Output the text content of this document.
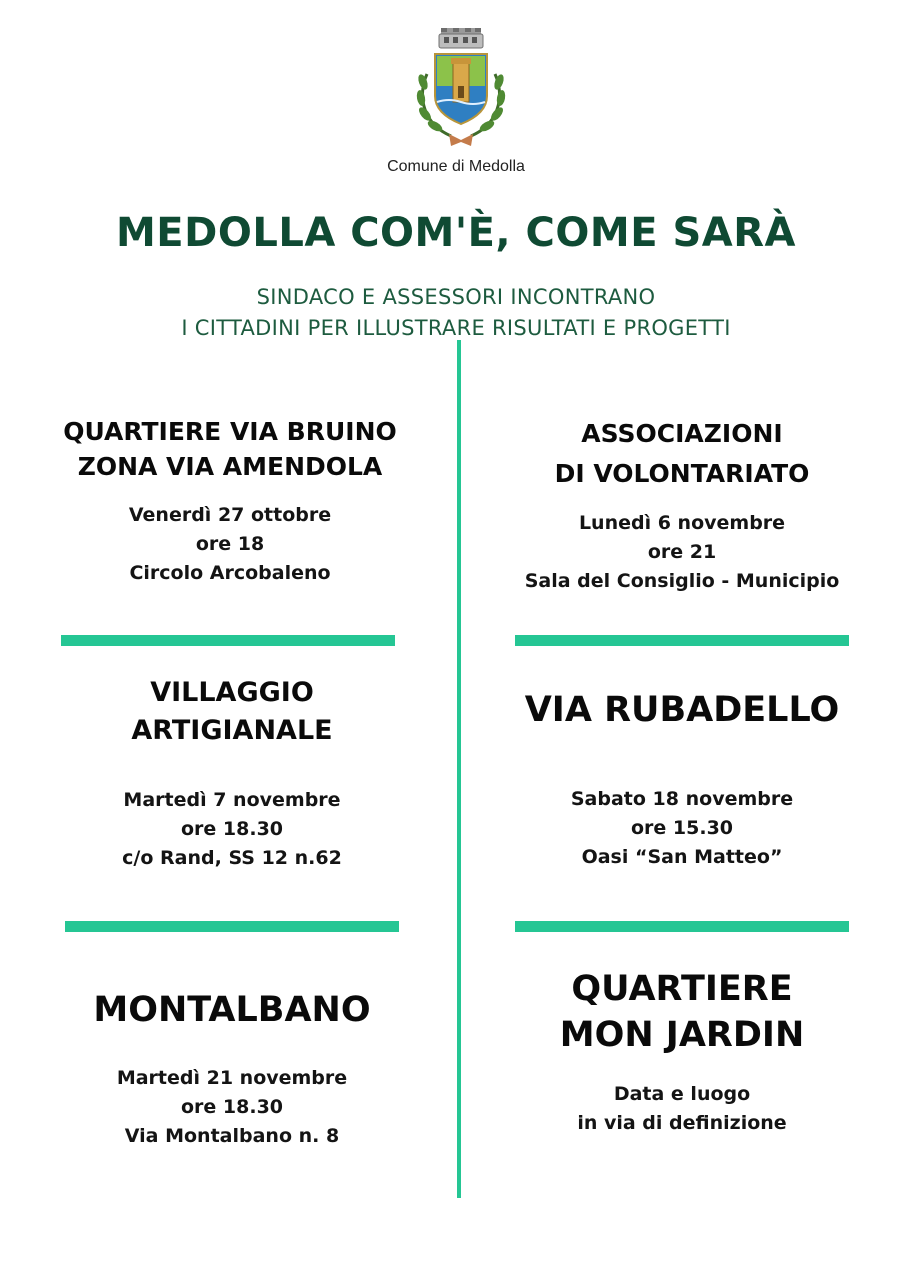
Comune di Medolla
MEDOLLA COM'È, COME SARÀ
SINDACO E ASSESSORI INCONTRANO
I CITTADINI PER ILLUSTRARE RISULTATI E PROGETTI
QUARTIERE VIA BRUINO
ZONA VIA AMENDOLA
Venerdì 27 ottobre
ore 18
Circolo Arcobaleno
ASSOCIAZIONI
DI VOLONTARIATO
Lunedì 6 novembre
ore 21
Sala del Consiglio - Municipio
VILLAGGIO
ARTIGIANALE
Martedì 7 novembre
ore 18.30
c/o Rand, SS 12 n.62
VIA RUBADELLO
Sabato 18 novembre
ore 15.30
Oasi “San Matteo”
MONTALBANO
Martedì 21 novembre
ore 18.30
Via Montalbano n. 8
QUARTIERE
MON JARDIN
Data e luogo
in via di definizione
